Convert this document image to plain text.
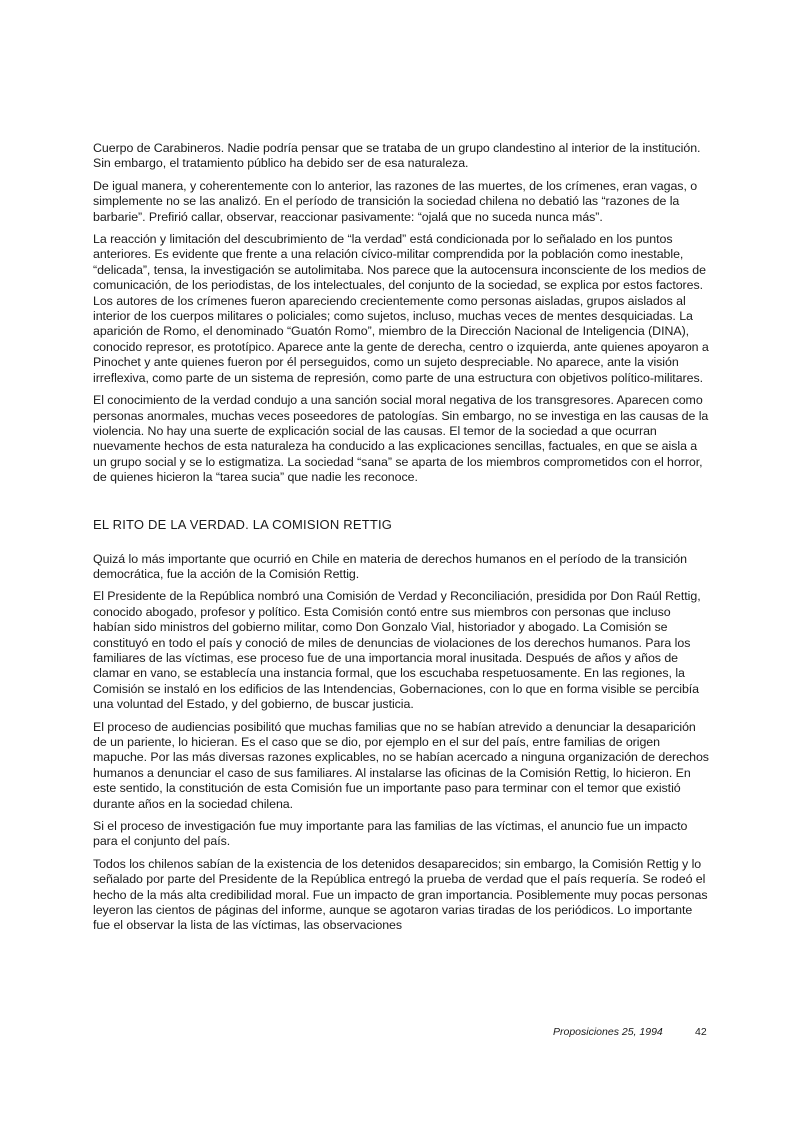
Cuerpo de Carabineros. Nadie podría pensar que se trataba de un grupo clandestino al interior de la institución. Sin embargo, el tratamiento público ha debido ser de esa naturaleza.

De igual manera, y coherentemente con lo anterior, las razones de las muertes, de los crímenes, eran vagas, o simplemente no se las analizó. En el período de transición la sociedad chilena no debatió las “razones de la barbarie”. Prefirió callar, observar, reaccionar pasivamente: “ojalá que no suceda nunca más”.

La reacción y limitación del descubrimiento de “la verdad” está condicionada por lo señalado en los puntos anteriores. Es evidente que frente a una relación cívico-militar comprendida por la población como inestable, “delicada”, tensa, la investigación se autolimitaba. Nos parece que la autocensura inconsciente de los medios de comunicación, de los periodistas, de los intelectuales, del conjunto de la sociedad, se explica por estos factores. Los autores de los crímenes fueron apareciendo crecientemente como personas aisladas, grupos aislados al interior de los cuerpos militares o policiales; como sujetos, incluso, muchas veces de mentes desquiciadas. La aparición de Romo, el denominado “Guatón Romo”, miembro de la Dirección Nacional de Inteligencia (DINA), conocido represor, es prototípico. Aparece ante la gente de derecha, centro o izquierda, ante quienes apoyaron a Pinochet y ante quienes fueron por él perseguidos, como un sujeto despreciable. No aparece, ante la visión irreflexiva, como parte de un sistema de represión, como parte de una estructura con objetivos político-militares.

El conocimiento de la verdad condujo a una sanción social moral negativa de los transgresores. Aparecen como personas anormales, muchas veces poseedores de patologías. Sin embargo, no se investiga en las causas de la violencia. No hay una suerte de explicación social de las causas. El temor de la sociedad a que ocurran nuevamente hechos de esta naturaleza ha conducido a las explicaciones sencillas, factuales, en que se aisla a un grupo social y se lo estigmatiza. La sociedad “sana” se aparta de los miembros comprometidos con el horror, de quienes hicieron la “tarea sucia” que nadie les reconoce.

EL RITO DE LA VERDAD. LA COMISION RETTIG

Quizá lo más importante que ocurrió en Chile en materia de derechos humanos en el período de la transición democrática, fue la acción de la Comisión Rettig.

El Presidente de la República nombró una Comisión de Verdad y Reconciliación, presidida por Don Raúl Rettig, conocido abogado, profesor y político. Esta Comisión contó entre sus miembros con personas que incluso habían sido ministros del gobierno militar, como Don Gonzalo Vial, historiador y abogado. La Comisión se constituyó en todo el país y conoció de miles de denuncias de violaciones de los derechos humanos. Para los familiares de las víctimas, ese proceso fue de una importancia moral inusitada. Después de años y años de clamar en vano, se establecía una instancia formal, que los escuchaba respetuosamente. En las regiones, la Comisión se instaló en los edificios de las Intendencias, Gobernaciones, con lo que en forma visible se percibía una voluntad del Estado, y del gobierno, de buscar justicia.

El proceso de audiencias posibilitó que muchas familias que no se habían atrevido a denunciar la desaparición de un pariente, lo hicieran. Es el caso que se dio, por ejemplo en el sur del país, entre familias de origen mapuche. Por las más diversas razones explicables, no se habían acercado a ninguna organización de derechos humanos a denunciar el caso de sus familiares. Al instalarse las oficinas de la Comisión Rettig, lo hicieron. En este sentido, la constitución de esta Comisión fue un importante paso para terminar con el temor que existió durante años en la sociedad chilena.

Si el proceso de investigación fue muy importante para las familias de las víctimas, el anuncio fue un impacto para el conjunto del país.

Todos los chilenos sabían de la existencia de los detenidos desaparecidos; sin embargo, la Comisión Rettig y lo señalado por parte del Presidente de la República entregó la prueba de verdad que el país requería. Se rodeó el hecho de la más alta credibilidad moral. Fue un impacto de gran importancia. Posiblemente muy pocas personas leyeron las cientos de páginas del informe, aunque se agotaron varias tiradas de los periódicos. Lo importante fue el observar la lista de las víctimas, las observaciones

Proposiciones 25, 1994	42
